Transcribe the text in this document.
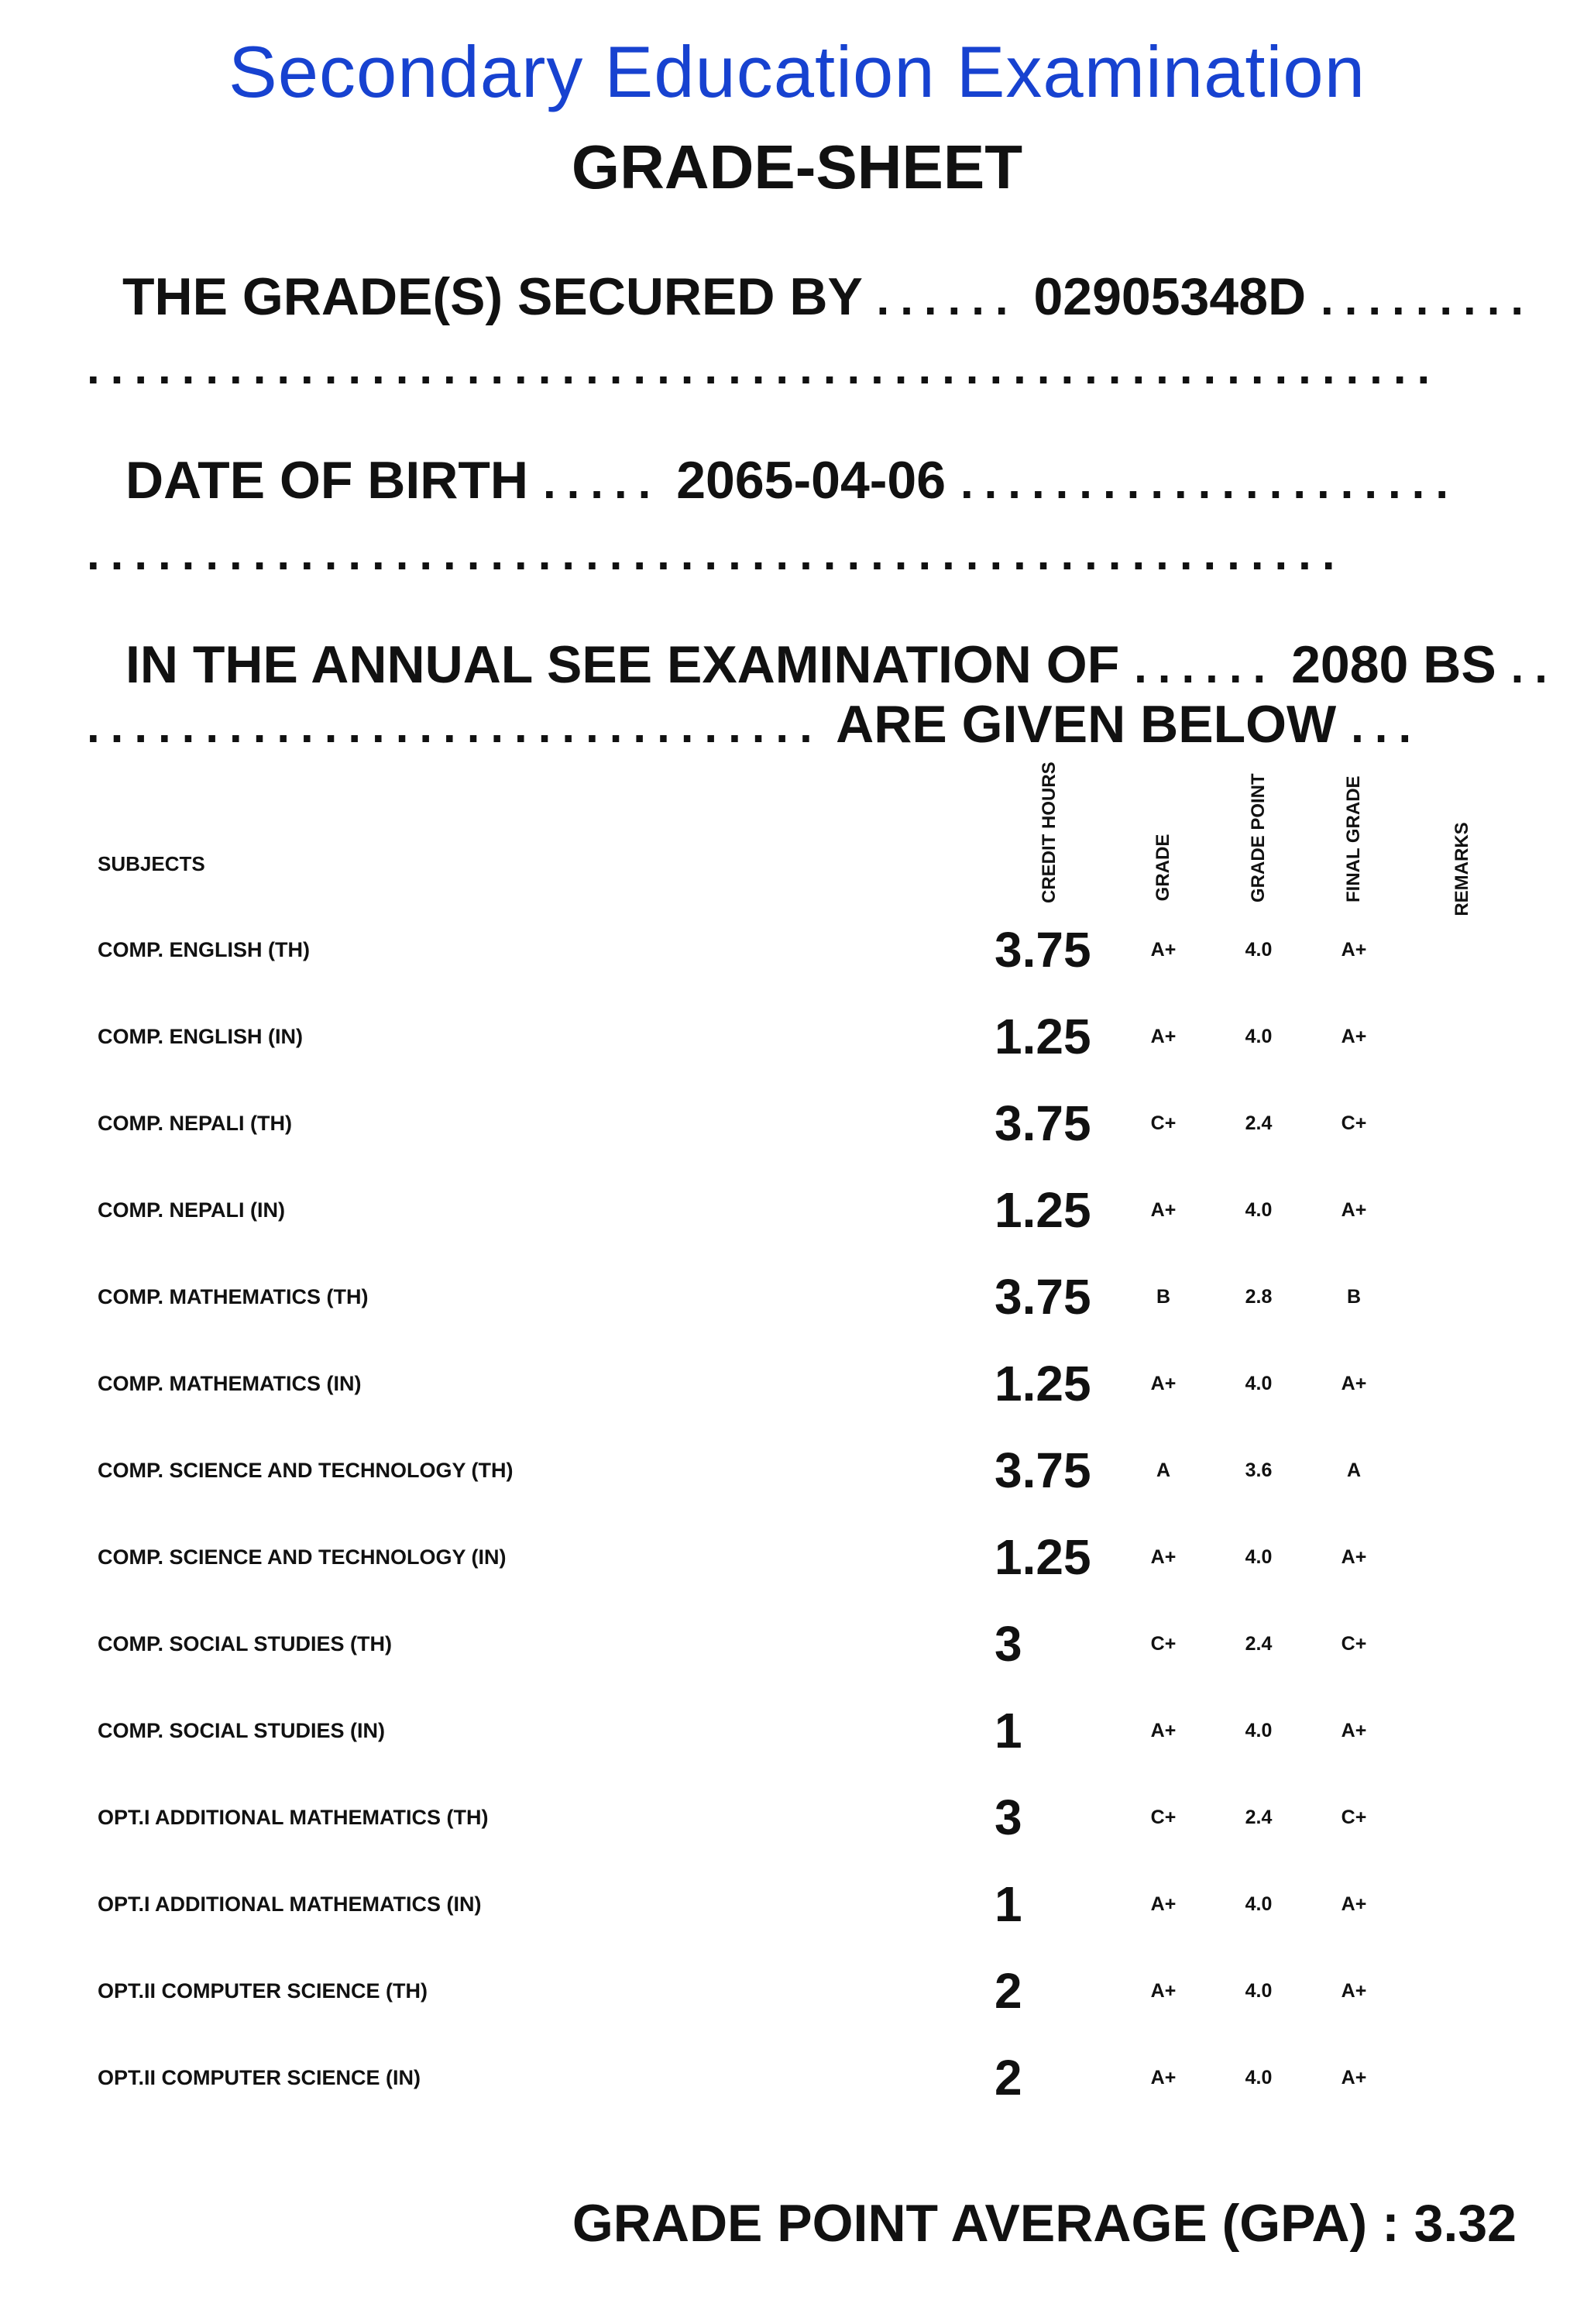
Secondary Education Examination
GRADE-SHEET
THE GRADE(S) SECURED BY ...... 02905348D .........
.........................................................
DATE OF BIRTH ..... 2065-04-06 .....................
.....................................................
IN THE ANNUAL SEE EXAMINATION OF ...... 2080 BS ..
............................... ARE GIVEN BELOW ...
SUBJECTS	CREDIT HOURS	GRADE	GRADE POINT	FINAL GRADE	REMARKS
COMP. ENGLISH (TH)	3.75	A+	4.0	A+
COMP. ENGLISH (IN)	1.25	A+	4.0	A+
COMP. NEPALI (TH)	3.75	C+	2.4	C+
COMP. NEPALI (IN)	1.25	A+	4.0	A+
COMP. MATHEMATICS (TH)	3.75	B	2.8	B
COMP. MATHEMATICS (IN)	1.25	A+	4.0	A+
COMP. SCIENCE AND TECHNOLOGY (TH)	3.75	A	3.6	A
COMP. SCIENCE AND TECHNOLOGY (IN)	1.25	A+	4.0	A+
COMP. SOCIAL STUDIES (TH)	3	C+	2.4	C+
COMP. SOCIAL STUDIES (IN)	1	A+	4.0	A+
OPT.I ADDITIONAL MATHEMATICS (TH)	3	C+	2.4	C+
OPT.I ADDITIONAL MATHEMATICS (IN)	1	A+	4.0	A+
OPT.II COMPUTER SCIENCE (TH)	2	A+	4.0	A+
OPT.II COMPUTER SCIENCE (IN)	2	A+	4.0	A+
GRADE POINT AVERAGE (GPA) : 3.32
